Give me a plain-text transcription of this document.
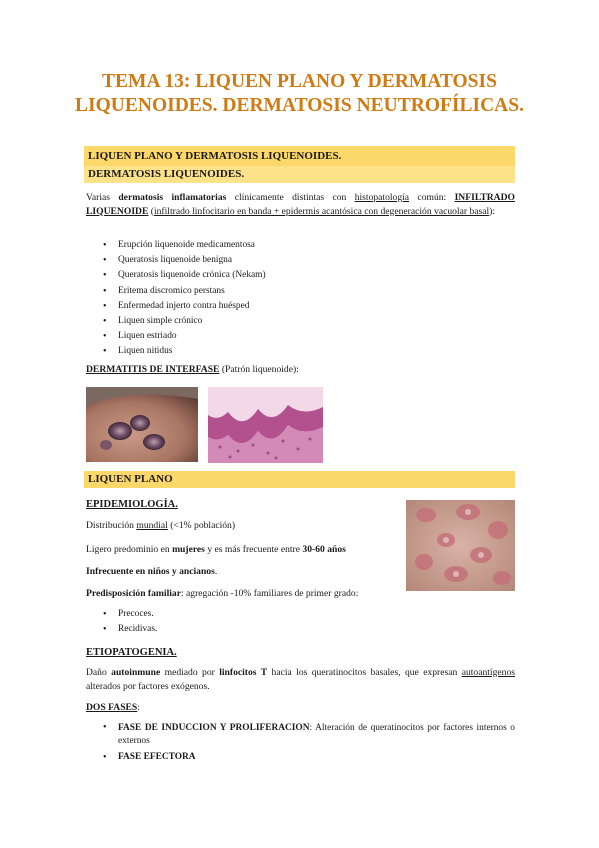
TEMA 13: LIQUEN PLANO Y DERMATOSIS
LIQUENOIDES. DERMATOSIS NEUTROFÍLICAS.
LIQUEN PLANO Y DERMATOSIS LIQUENOIDES.
DERMATOSIS LIQUENOIDES.
Varias dermatosis inflamatorias clínicamente distintas con histopatología común: INFILTRADO LIQUENOIDE (infiltrado linfocitario en banda + epidermis acantósica con degeneración vacuolar basal):
• Erupción liquenoide medicamentosa
• Queratosis liquenoide benigna
• Queratosis liquenoide crónica (Nekam)
• Eritema discromico perstans
• Enfermedad injerto contra huésped
• Liquen simple crónico
• Liquen estriado
• Liquen nitidus
DERMATITIS DE INTERFASE (Patrón liquenoide):
LIQUEN PLANO
EPIDEMIOLOGÍA.
Distribución mundial (<1% población)
Ligero predominio en mujeres y es más frecuente entre 30-60 años
Infrecuente en niños y ancianos.
Predisposición familiar: agregación -10% familiares de primer grado:
• Precoces.
• Recidivas.
ETIOPATOGENIA.
Daño autoinmune mediado por linfocitos T hacia los queratinocitos basales, que expresan autoantígenos alterados por factores exógenos.
DOS FASES:
• FASE DE INDUCCION Y PROLIFERACION: Alteración de queratinocitos por factores internos o externos
• FASE EFECTORA
